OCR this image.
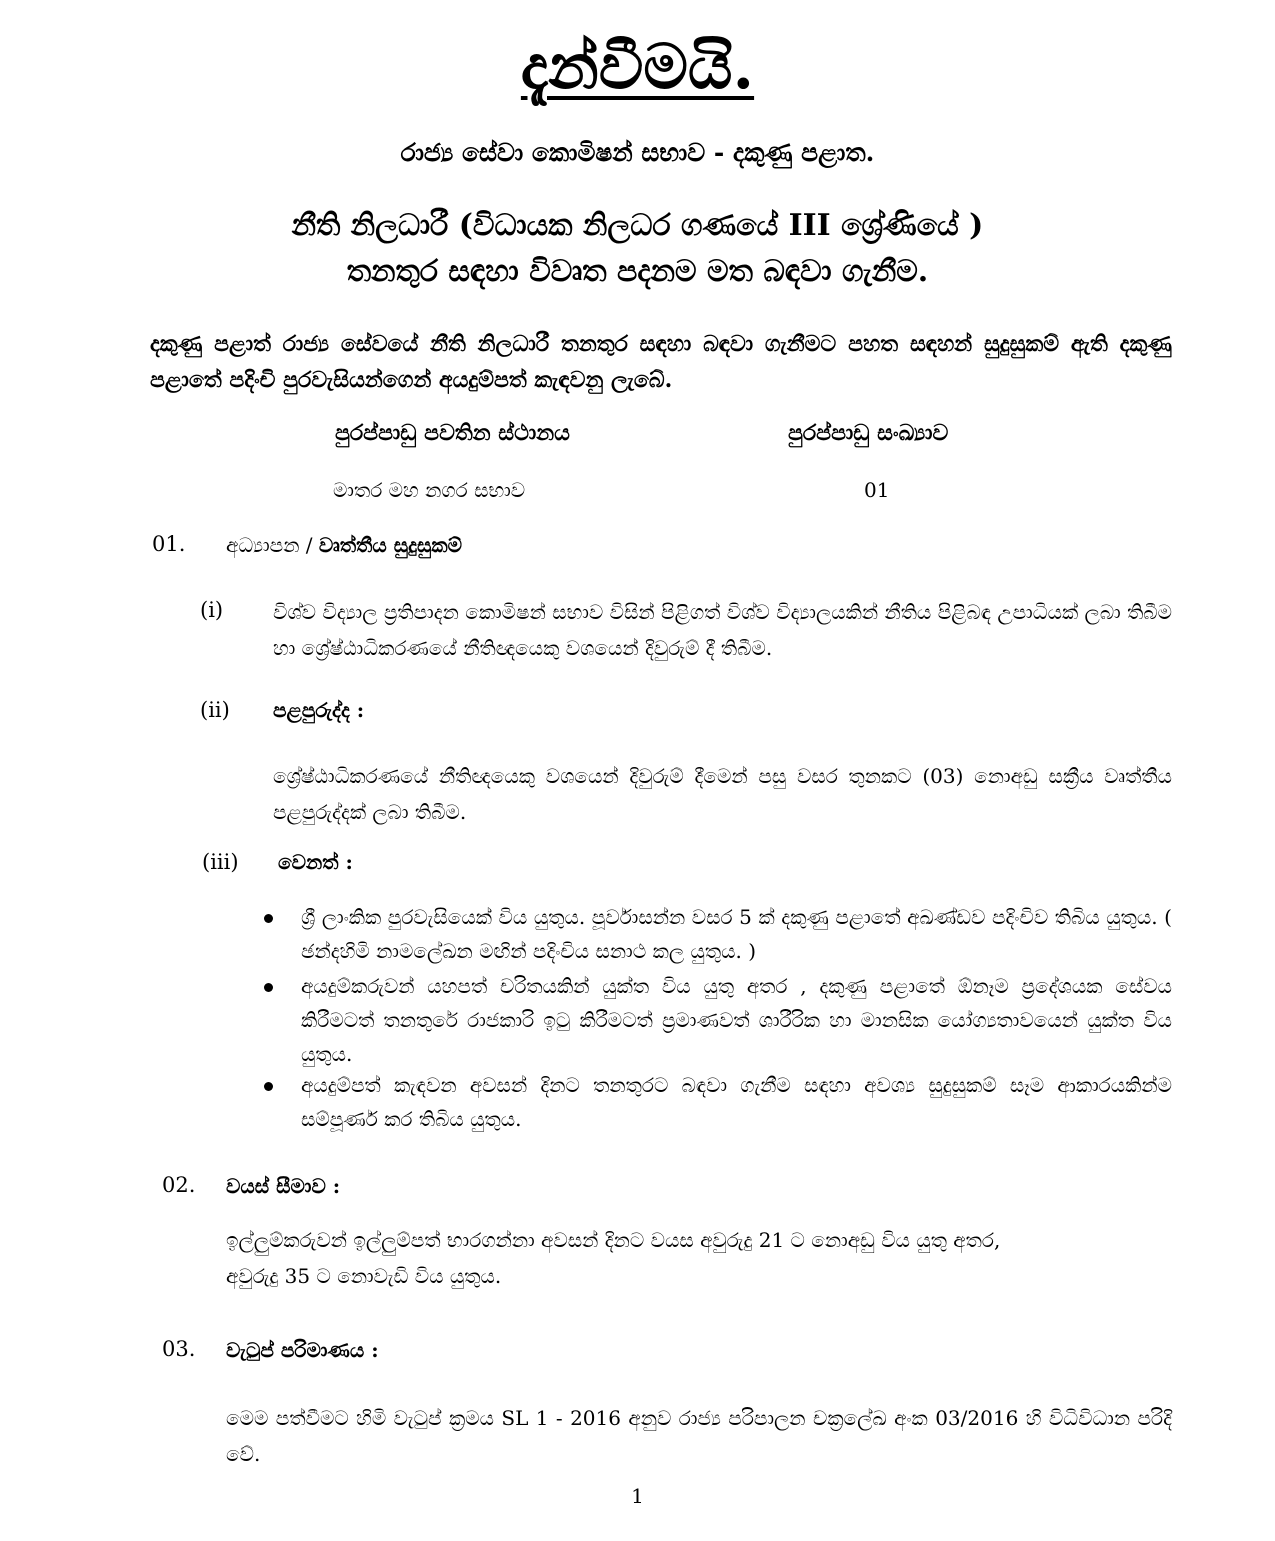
දැන්වීමයි.
රාජ්‍ය සේවා කොමිෂන් සභාව - දකුණු පළාත.
නීති නිලධාරී (විධායක නිලධර ගණයේ III ශ්‍රේණියේ )
තනතුර සඳහා විවෘත පදනම මත බඳවා ගැනීම.
දකුණු පළාත් රාජ්‍ය සේවයේ නීති නිලධාරී තනතුර සඳහා බඳවා ගැනීමට පහත සඳහන් සුදුසුකම් ඇති දකුණු පළාතේ පදිංචි පුරවැසියන්ගෙන් අයදුම්පත් කැඳවනු ලැබේ.
පුරප්පාඩු පවතින ස්ථානය	පුරප්පාඩු සංඛ්‍යාව
මාතර මහ නගර සභාව	01
01. අධ්‍යාපන / වෘත්තීය සුදුසුකම්
(i) විශ්ව විද්‍යාල ප්‍රතිපාදන කොමිෂන් සභාව විසින් පිළිගත් විශ්ව විද්‍යාලයකින් නීතිය පිළිබඳ උපාධියක් ලබා තිබීම හා ශ්‍රේෂ්ඨාධිකරණයේ නීතිඥයෙකු වශයෙන් දිවුරුම් දී තිබීම.
(ii) පළපුරුද්ද :
ශ්‍රේෂ්ඨාධිකරණයේ නීතිඥයෙකු වශයෙන් දිවුරුම් දීමෙන් පසු වසර තුනකට (03) නොඅඩු සක්‍රීය වෘත්තීය පළපුරුද්දක් ලබා තිබීම.
(iii) වෙනත් :
ශ්‍රී ලාංකික පුරවැසියෙක් විය යුතුය. පූර්වාසන්න වසර 5 ක් දකුණු පළාතේ අඛණ්ඩව පදිංචිව තිබිය යුතුය. ( ඡන්දහිමි නාමලේඛන මඟින් පදිංචිය සනාථ කල යුතුය. )
අයදුම්කරුවන් යහපත් චරිතයකින් යුක්ත විය යුතු අතර , දකුණු පළාතේ ඕනෑම ප්‍රදේශයක සේවය කිරීමටත් තනතුරේ රාජකාරි ඉටු කිරීමටත් ප්‍රමාණවත් ශාරීරික හා මානසික යෝග්‍යතාවයෙන් යුක්ත විය යුතුය.
අයදුම්පත් කැඳවන අවසන් දිනට තනතුරට බඳවා ගැනීම සඳහා අවශ්‍ය සුදුසුකම් සෑම ආකාරයකින්ම සම්පූර්ණ කර තිබිය යුතුය.
02. වයස් සීමාව :
ඉල්ලුම්කරුවන් ඉල්ලුම්පත් භාරගන්නා අවසන් දිනට වයස අවුරුදු 21 ට නොඅඩු විය යුතු අතර,
අවුරුදු 35 ට නොවැඩි විය යුතුය.
03. වැටුප් පරිමාණය :
මෙම පත්වීමට හිමි වැටුප් ක්‍රමය SL 1 - 2016 අනුව රාජ්‍ය පරිපාලන චක්‍රලේඛ අංක 03/2016 හි විධිවිධාන පරිදි වේ.
1
